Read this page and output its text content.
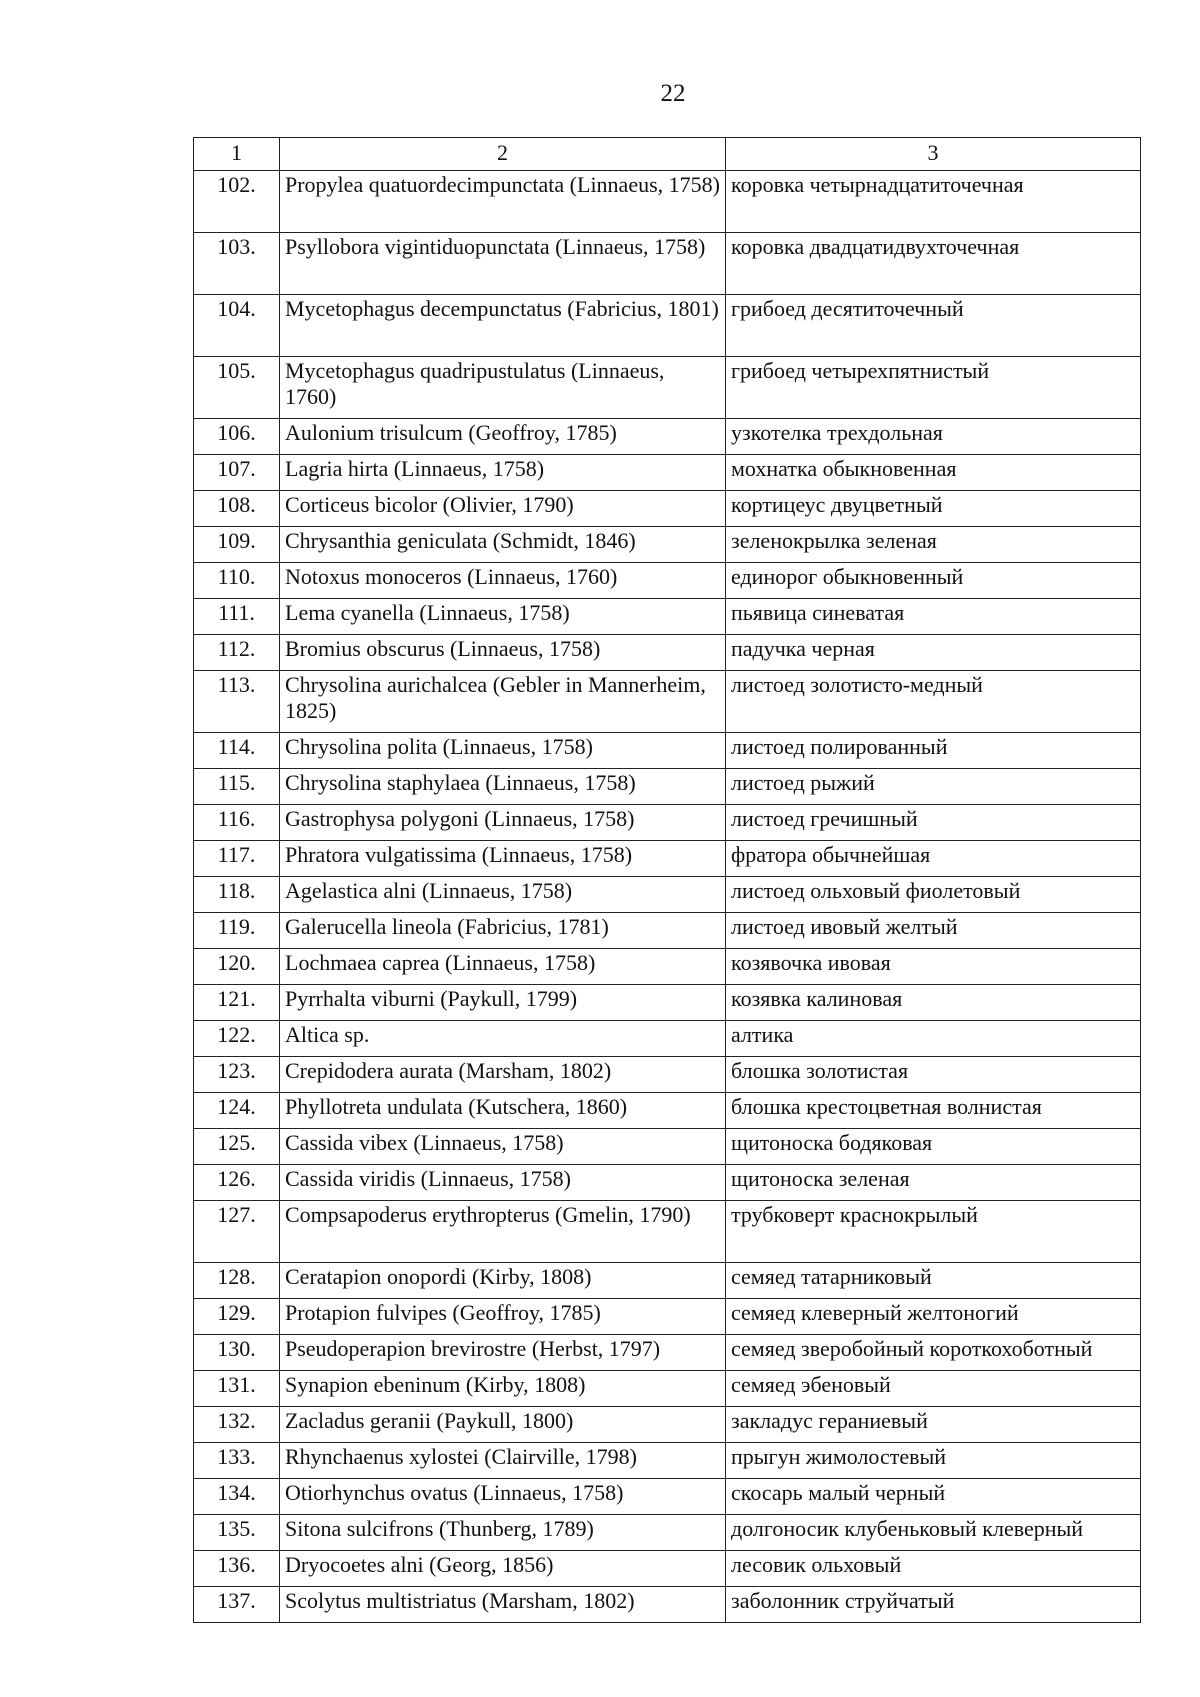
22
1	2	3
102.	Propylea quatuordecimpunctata (Linnaeus, 1758)	коровка четырнадцатиточечная
103.	Psyllobora vigintiduopunctata (Linnaeus, 1758)	коровка двадцатидвухточечная
104.	Mycetophagus decempunctatus (Fabricius, 1801)	грибоед десятиточечный
105.	Mycetophagus quadripustulatus (Linnaeus, 1760)	грибоед четырехпятнистый
106.	Aulonium trisulcum (Geoffroy, 1785)	узкотелка трехдольная
107.	Lagria hirta (Linnaeus, 1758)	мохнатка обыкновенная
108.	Corticeus bicolor (Olivier, 1790)	кортицеус двуцветный
109.	Chrysanthia geniculata (Schmidt, 1846)	зеленокрылка зеленая
110.	Notoxus monoceros (Linnaeus, 1760)	единорог обыкновенный
111.	Lema cyanella (Linnaeus, 1758)	пьявица синеватая
112.	Bromius obscurus (Linnaeus, 1758)	падучка черная
113.	Chrysolina aurichalcea (Gebler in Mannerheim, 1825)	листоед золотисто-медный
114.	Chrysolina polita (Linnaeus, 1758)	листоед полированный
115.	Chrysolina staphylaea (Linnaeus, 1758)	листоед рыжий
116.	Gastrophysa polygoni (Linnaeus, 1758)	листоед гречишный
117.	Phratora vulgatissima (Linnaeus, 1758)	фратора обычнейшая
118.	Agelastica alni (Linnaeus, 1758)	листоед ольховый фиолетовый
119.	Galerucella lineola (Fabricius, 1781)	листоед ивовый желтый
120.	Lochmaea caprea (Linnaeus, 1758)	козявочка ивовая
121.	Pyrrhalta viburni (Paykull, 1799)	козявка калиновая
122.	Altica sp.	алтика
123.	Crepidodera aurata (Marsham, 1802)	блошка золотистая
124.	Phyllotreta undulata (Kutschera, 1860)	блошка крестоцветная волнистая
125.	Cassida vibex (Linnaeus, 1758)	щитоноска бодяковая
126.	Cassida viridis (Linnaeus, 1758)	щитоноска зеленая
127.	Compsapoderus erythropterus (Gmelin, 1790)	трубковерт краснокрылый
128.	Ceratapion onopordi (Kirby, 1808)	семяед татарниковый
129.	Protapion fulvipes (Geoffroy, 1785)	семяед клеверный желтоногий
130.	Pseudoperapion brevirostre (Herbst, 1797)	семяед зверобойный короткохоботный
131.	Synapion ebeninum (Kirby, 1808)	семяед эбеновый
132.	Zacladus geranii (Paykull, 1800)	закладус гераниевый
133.	Rhynchaenus xylostei (Clairville, 1798)	прыгун жимолостевый
134.	Otiorhynchus ovatus (Linnaeus, 1758)	скосарь малый черный
135.	Sitona sulcifrons (Thunberg, 1789)	долгоносик клубеньковый клеверный
136.	Dryocoetes alni (Georg, 1856)	лесовик ольховый
137.	Scolytus multistriatus (Marsham, 1802)	заболонник струйчатый
